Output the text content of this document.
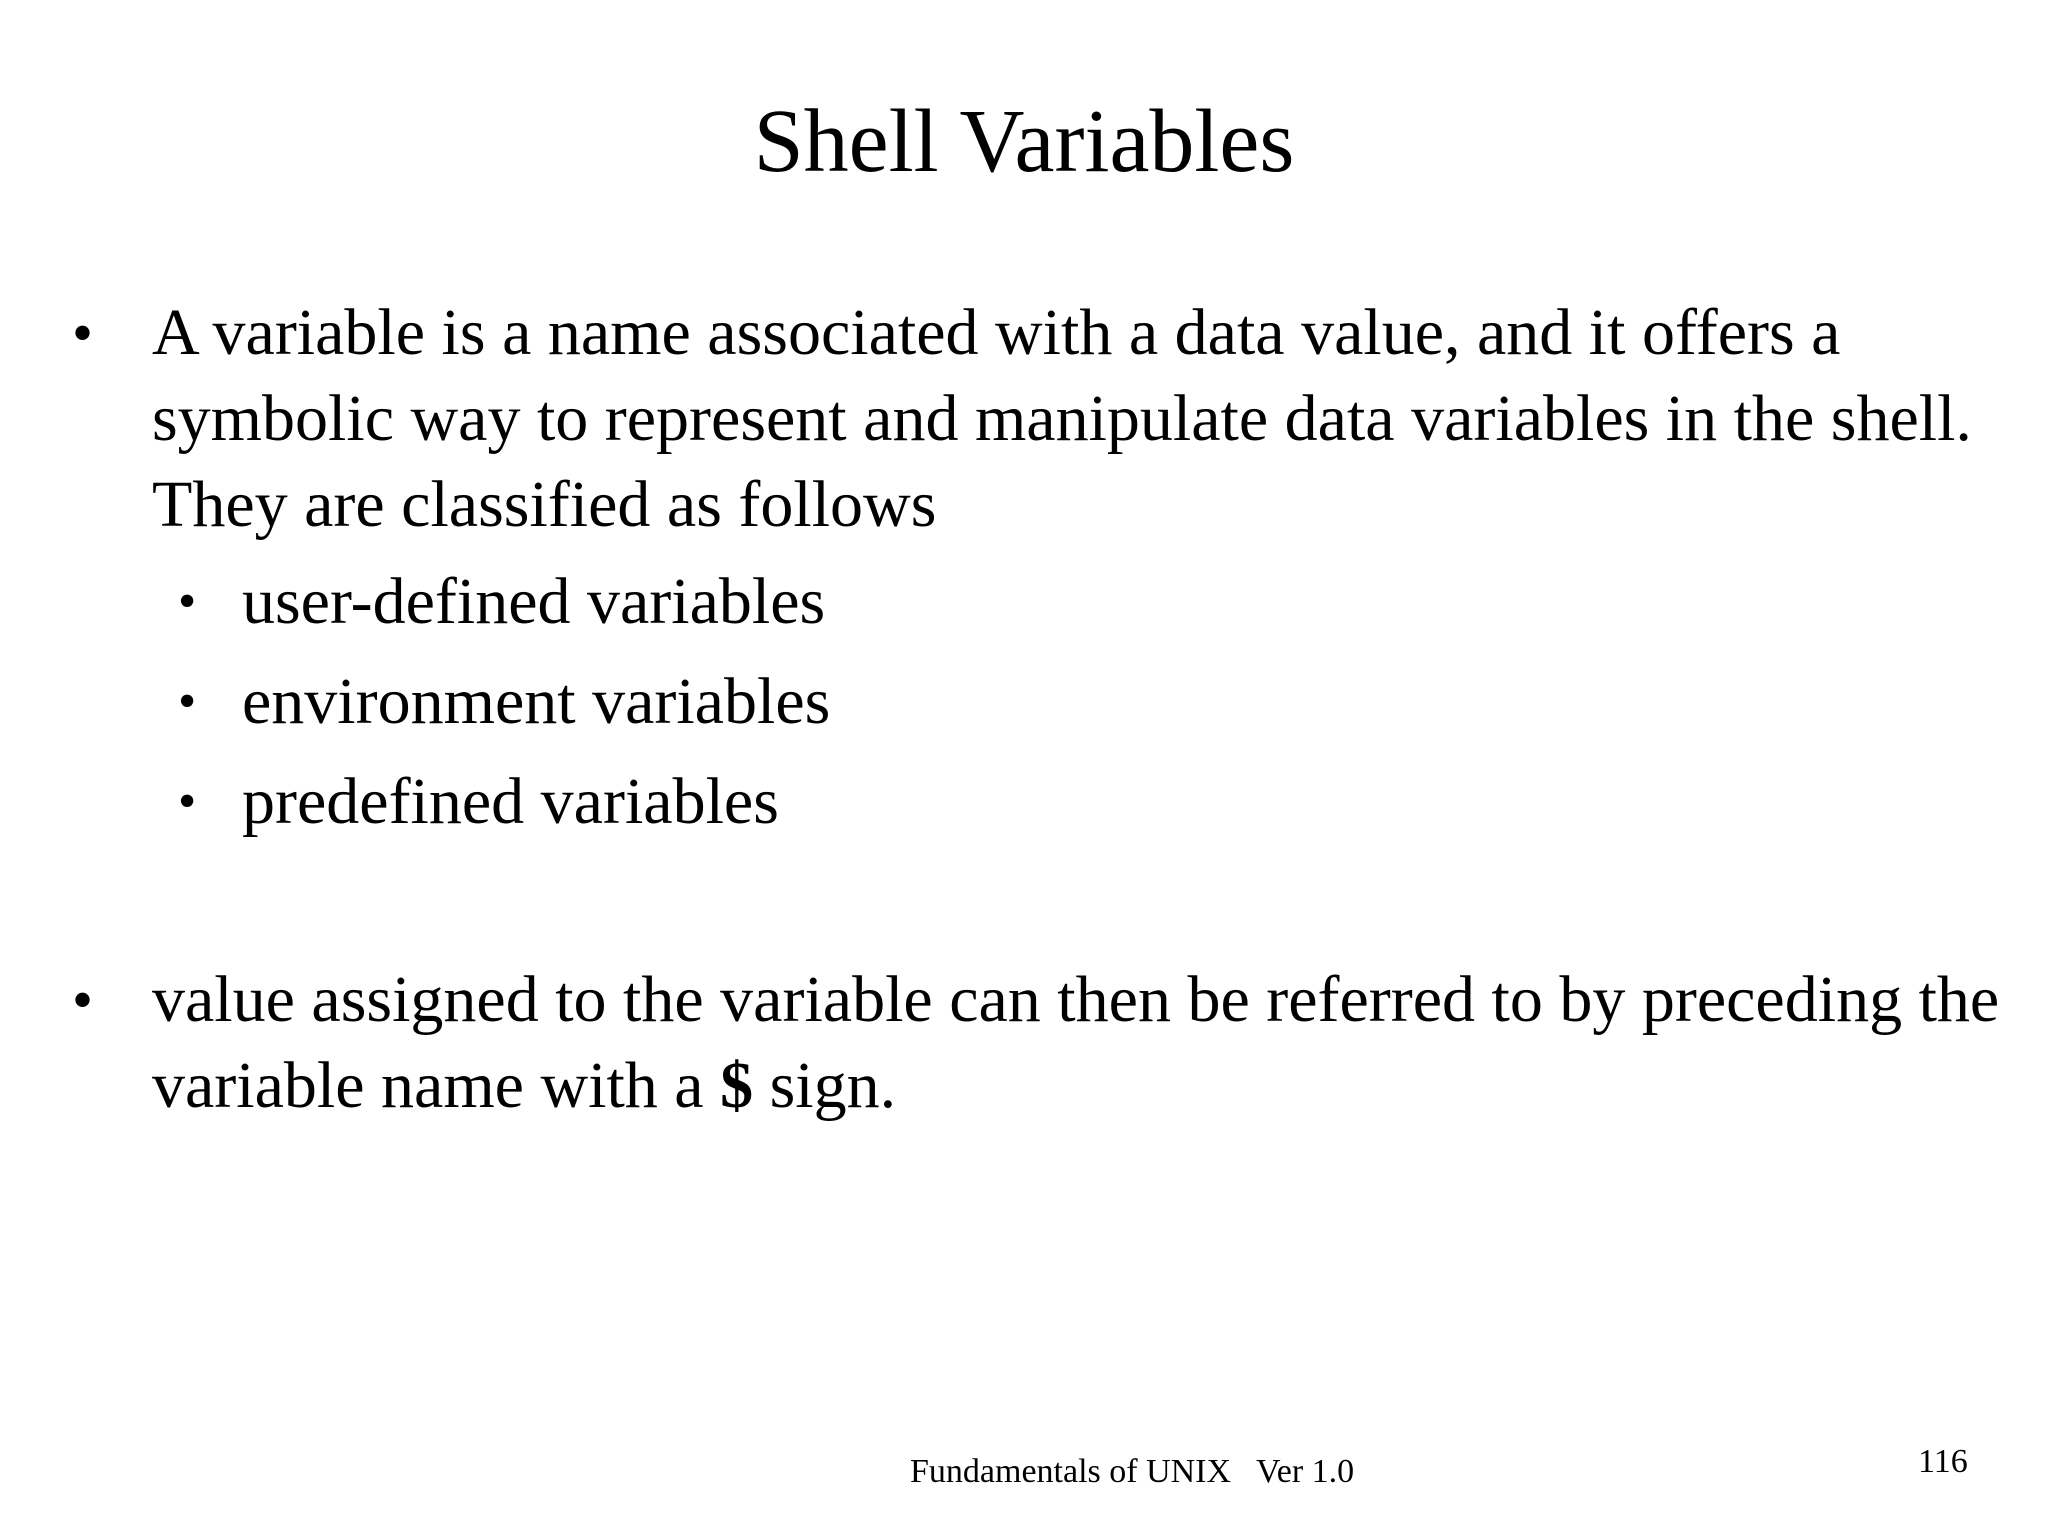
Shell Variables
• A variable is a name associated with a data value, and it offers a symbolic way to represent and manipulate data variables in the shell. They are classified as follows
• user-defined variables
• environment variables
• predefined variables
• value assigned to the variable can then be referred to by preceding the variable name with a $ sign.
Fundamentals of UNIX   Ver 1.0	116
